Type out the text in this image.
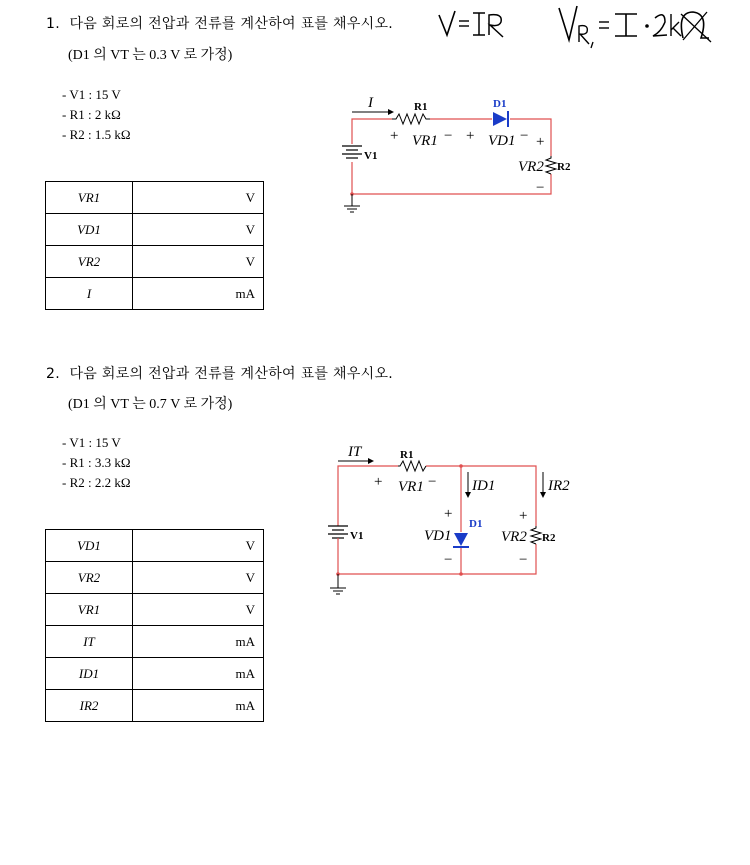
1. 다음 회로의 전압과 전류를 계산하여 표를 채우시오.
(D1 의 VT 는 0.3 V 로 가정)
- V1 : 15 V
- R1 : 2 kΩ
- R2 : 1.5 kΩ
VR1	V
VD1	V
VR2	V
I	mA
V1
I	R1	D1
R2
+ VR1 − + VD1 − +
VR2
−
2. 다음 회로의 전압과 전류를 계산하여 표를 채우시오.
(D1 의 VT 는 0.7 V 로 가정)
- V1 : 15 V
- R1 : 3.3 kΩ
- R2 : 2.2 kΩ
VD1	V
VR2	V
VR1	V
IT	mA
ID1	mA
IR2	mA
V1
IT	R1
+ VR1 − ID1	IR2
D1
+
VD1
−
R2
+
VR2
−
